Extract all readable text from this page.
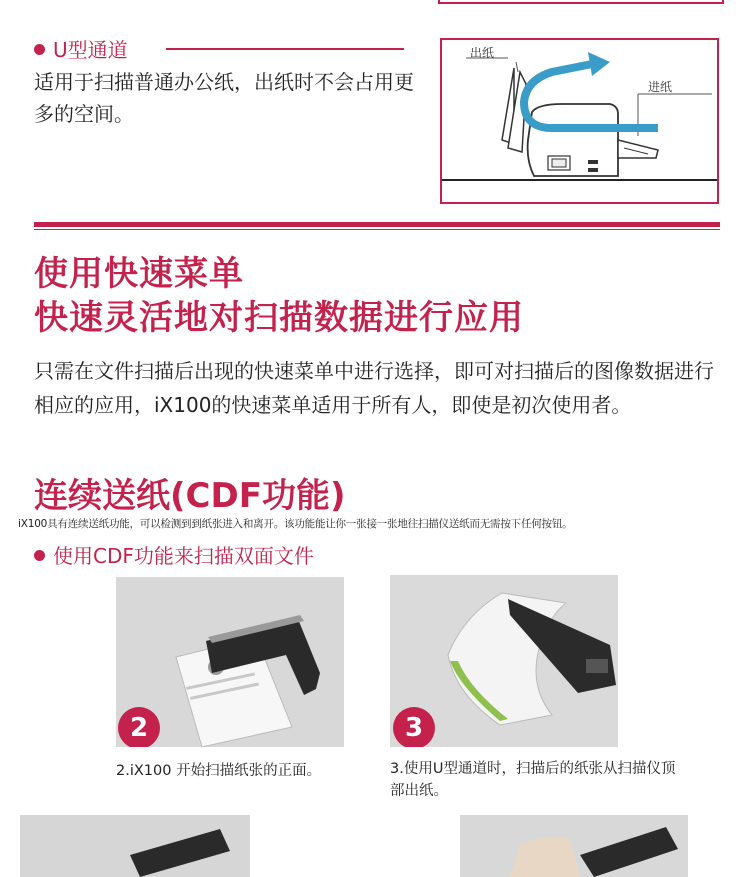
U型通道
适用于扫描普通办公纸，出纸时不会占用更多的空间。
出纸
进纸
使用快速菜单
快速灵活地对扫描数据进行应用
只需在文件扫描后出现的快速菜单中进行选择，即可对扫描后的图像数据进行相应的应用，iX100的快速菜单适用于所有人，即使是初次使用者。
连续送纸(CDF功能)
iX100具有连续送纸功能，可以检测到到纸张进入和离开。该功能能让你一张接一张地往扫描仪送纸而无需按下任何按钮。
使用CDF功能来扫描双面文件
2	3
2.iX100 开始扫描纸张的正面。	3.使用U型通道时，扫描后的纸张从扫描仪顶部出纸。
